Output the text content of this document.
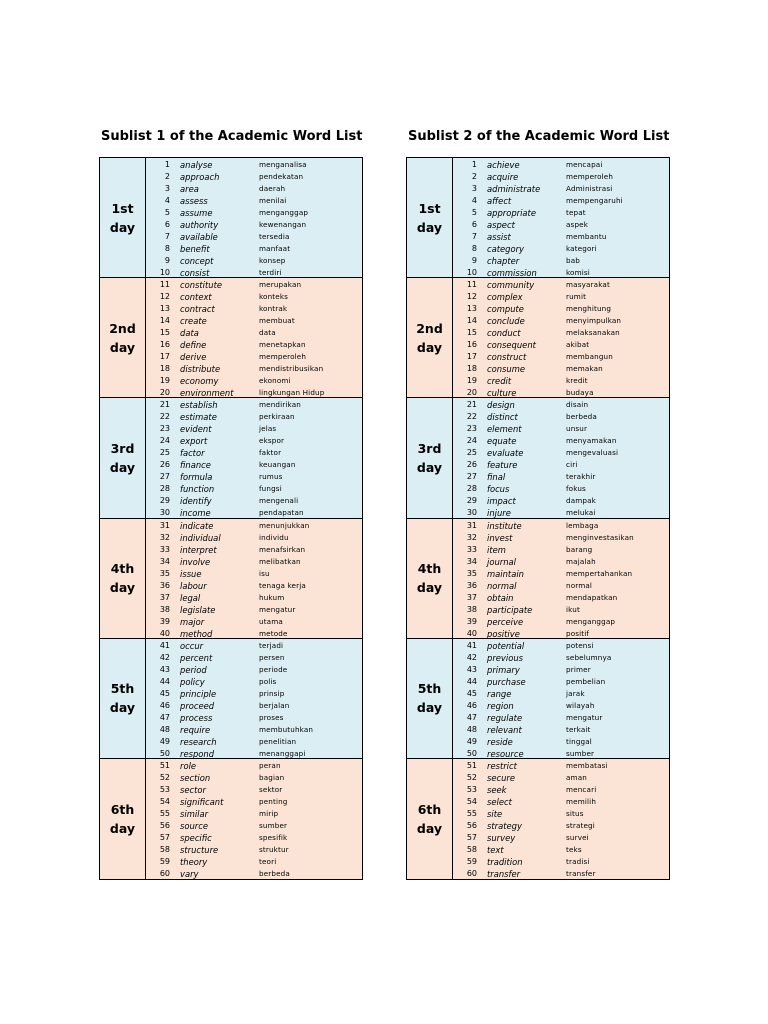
Sublist 1 of the Academic Word List
1st
day
1	analyse	menganalisa
2	approach	pendekatan
3	area	daerah
4	assess	menilai
5	assume	menganggap
6	authority	kewenangan
7	available	tersedia
8	benefit	manfaat
9	concept	konsep
10	consist	terdiri
2nd
day
11	constitute	merupakan
12	context	konteks
13	contract	kontrak
14	create	membuat
15	data	data
16	define	menetapkan
17	derive	memperoleh
18	distribute	mendistribusikan
19	economy	ekonomi
20	environment	lingkungan Hidup
3rd
day
21	establish	mendirikan
22	estimate	perkiraan
23	evident	jelas
24	export	ekspor
25	factor	faktor
26	finance	keuangan
27	formula	rumus
28	function	fungsi
29	identify	mengenali
30	income	pendapatan
4th
day
31	indicate	menunjukkan
32	individual	individu
33	interpret	menafsirkan
34	involve	melibatkan
35	issue	isu
36	labour	tenaga kerja
37	legal	hukum
38	legislate	mengatur
39	major	utama
40	method	metode
5th
day
41	occur	terjadi
42	percent	persen
43	period	periode
44	policy	polis
45	principle	prinsip
46	proceed	berjalan
47	process	proses
48	require	membutuhkan
49	research	penelitian
50	respond	menanggapi
6th
day
51	role	peran
52	section	bagian
53	sector	sektor
54	significant	penting
55	similar	mirip
56	source	sumber
57	specific	spesifik
58	structure	struktur
59	theory	teori
60	vary	berbeda
Sublist 2 of the Academic Word List
1st
day
1	achieve	mencapai
2	acquire	memperoleh
3	administrate	Administrasi
4	affect	mempengaruhi
5	appropriate	tepat
6	aspect	aspek
7	assist	membantu
8	category	kategori
9	chapter	bab
10	commission	komisi
2nd
day
11	community	masyarakat
12	complex	rumit
13	compute	menghitung
14	conclude	menyimpulkan
15	conduct	melaksanakan
16	consequent	akibat
17	construct	membangun
18	consume	memakan
19	credit	kredit
20	culture	budaya
3rd
day
21	design	disain
22	distinct	berbeda
23	element	unsur
24	equate	menyamakan
25	evaluate	mengevaluasi
26	feature	ciri
27	final	terakhir
28	focus	fokus
29	impact	dampak
30	injure	melukai
4th
day
31	institute	lembaga
32	invest	menginvestasikan
33	item	barang
34	journal	majalah
35	maintain	mempertahankan
36	normal	normal
37	obtain	mendapatkan
38	participate	ikut
39	perceive	menganggap
40	positive	positif
5th
day
41	potential	potensi
42	previous	sebelumnya
43	primary	primer
44	purchase	pembelian
45	range	jarak
46	region	wilayah
47	regulate	mengatur
48	relevant	terkait
49	reside	tinggal
50	resource	sumber
6th
day
51	restrict	membatasi
52	secure	aman
53	seek	mencari
54	select	memilih
55	site	situs
56	strategy	strategi
57	survey	survei
58	text	teks
59	tradition	tradisi
60	transfer	transfer
